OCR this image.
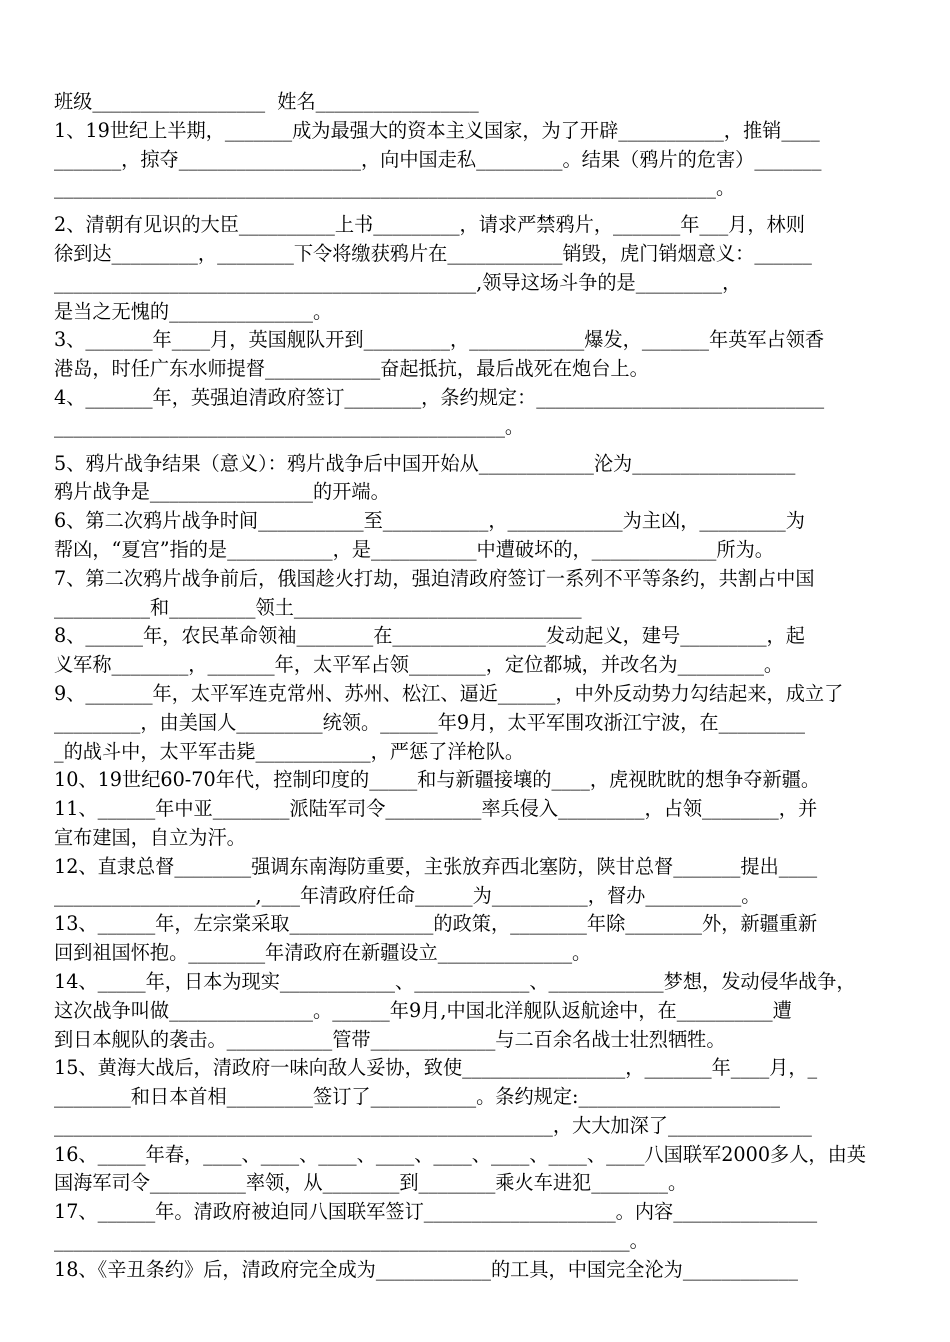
班级__________________  姓名_________________
1、19世纪上半期，_______成为最强大的资本主义国家，为了开辟___________，推销____
_______，掠夺___________________，向中国走私_________。结果（鸦片的危害）_______
_____________________________________________________________________。
2、清朝有见识的大臣__________上书_________，请求严禁鸦片，_______年___月，林则
徐到达_________，________下令将缴获鸦片在____________销毁，虎门销烟意义：______
____________________________________________,领导这场斗争的是_________，
是当之无愧的_______________。
3、_______年____月，英国舰队开到_________，____________爆发，_______年英军占领香
港岛，时任广东水师提督____________奋起抵抗，最后战死在炮台上。
4、_______年，英强迫清政府签订________，条约规定：______________________________
_______________________________________________。
5、鸦片战争结果（意义）：鸦片战争后中国开始从____________沦为_________________
鸦片战争是_________________的开端。
6、第二次鸦片战争时间___________至___________，____________为主凶，_________为
帮凶，“夏宫”指的是___________，是___________中遭破坏的，_____________所为。
7、第二次鸦片战争前后，俄国趁火打劫，强迫清政府签订一系列不平等条约，共割占中国
__________和_________领土______________________________
8、______年，农民革命领袖________在________________发动起义，建号_________，起
义军称________，_______年，太平军占领________，定位都城，并改名为_________。
9、_______年，太平军连克常州、苏州、松江、逼近______，中外反动势力勾结起来，成立了
_________，由美国人_________统领。______年9月，太平军围攻浙江宁波，在_________
_的战斗中，太平军击毙____________，严惩了洋枪队。
10、19世纪60-70年代，控制印度的_____和与新疆接壤的____，虎视眈眈的想争夺新疆。
11、______年中亚________派陆军司令__________率兵侵入_________，占领________，并
宣布建国，自立为汗。
12、直隶总督________强调东南海防重要，主张放弃西北塞防，陕甘总督_______提出____
_____________________,____年清政府任命______为__________，督办__________。
13、______年，左宗棠采取_______________的政策，________年除________外，新疆重新
回到祖国怀抱。________年清政府在新疆设立______________。
14、_____年，日本为现实____________、____________、____________梦想，发动侵华战争，
这次战争叫做_______________。______年9月,中国北洋舰队返航途中，在__________遭
到日本舰队的袭击。___________管带_____________与二百余名战士壮烈牺牲。
15、黄海大战后，清政府一味向敌人妥协，致使_________________，_______年____月，_
________和日本首相_________签订了___________。条约规定:_____________________
____________________________________________________，大大加深了_______________
16、_____年春，____、____、____、____、____、____、____、____八国联军2000多人，由英
国海军司令__________率领，从________到________乘火车进犯________。
17、______年。清政府被迫同八国联军签订____________________。内容_______________
____________________________________________________________。
18、《辛丑条约》后，清政府完全成为____________的工具，中国完全沦为____________
